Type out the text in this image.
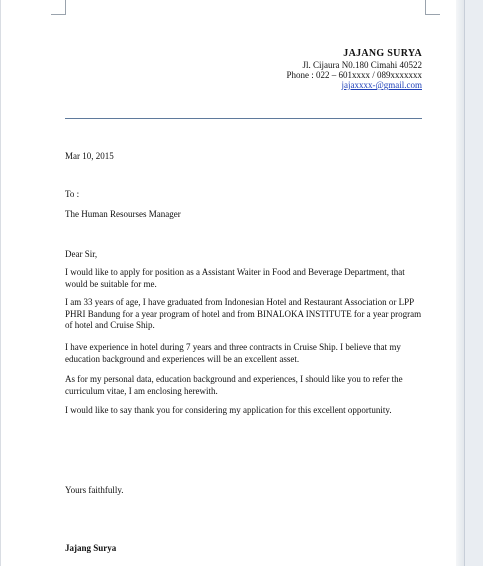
JAJANG SURYA
Jl. Cijaura N0.180 Cimahi 40522
Phone : 022 – 601xxxx / 089xxxxxxx
jajaxxxx-@gmail.com
Mar 10, 2015
To :
The Human Resourses Manager
Dear Sir,
I would like to apply for position as a Assistant Waiter in Food and Beverage Department, that
would be suitable for me.
I am 33 years of age, I have graduated from Indonesian Hotel and Restaurant Association or LPP
PHRI Bandung for a year program of hotel and from BINALOKA INSTITUTE for a year program
of hotel and Cruise Ship.
I have experience in hotel during 7 years and three contracts in Cruise Ship. I believe that my
education background and experiences will be an excellent asset.
As for my personal data, education background and experiences, I should like you to refer the
curriculum vitae, I am enclosing herewith.
I would like to say thank you for considering my application for this excellent opportunity.
Yours faithfully.
Jajang Surya
